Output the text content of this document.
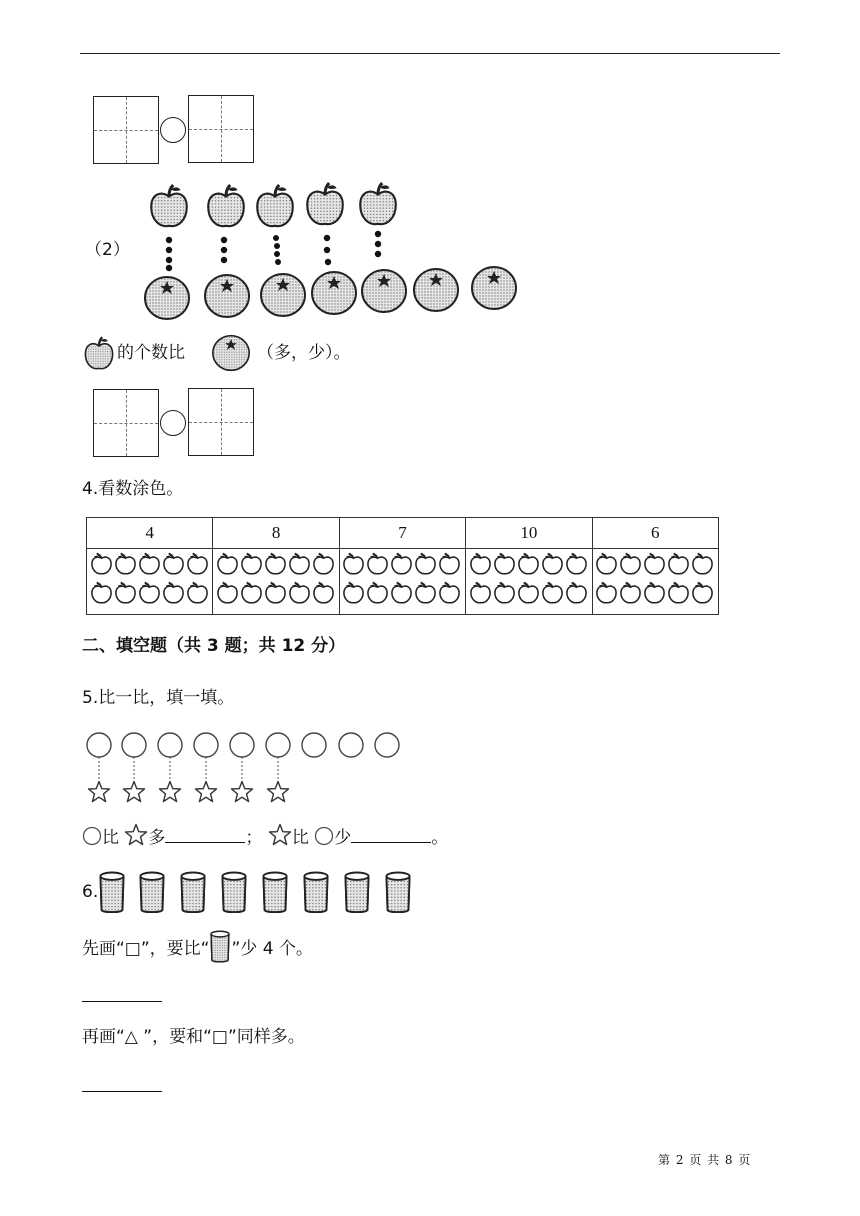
（2）
的个数比	（多，少）。
4.看数涂色。
4	8	7	10	6

二、填空题（共 3 题；共 12 分）
5.比一比，填一填。
比 多	； 比 少	。
6.
先画“□”，要比“ ”少 4 个。
再画“△ ”，要和“□”同样多。
第 2 页 共 8 页
